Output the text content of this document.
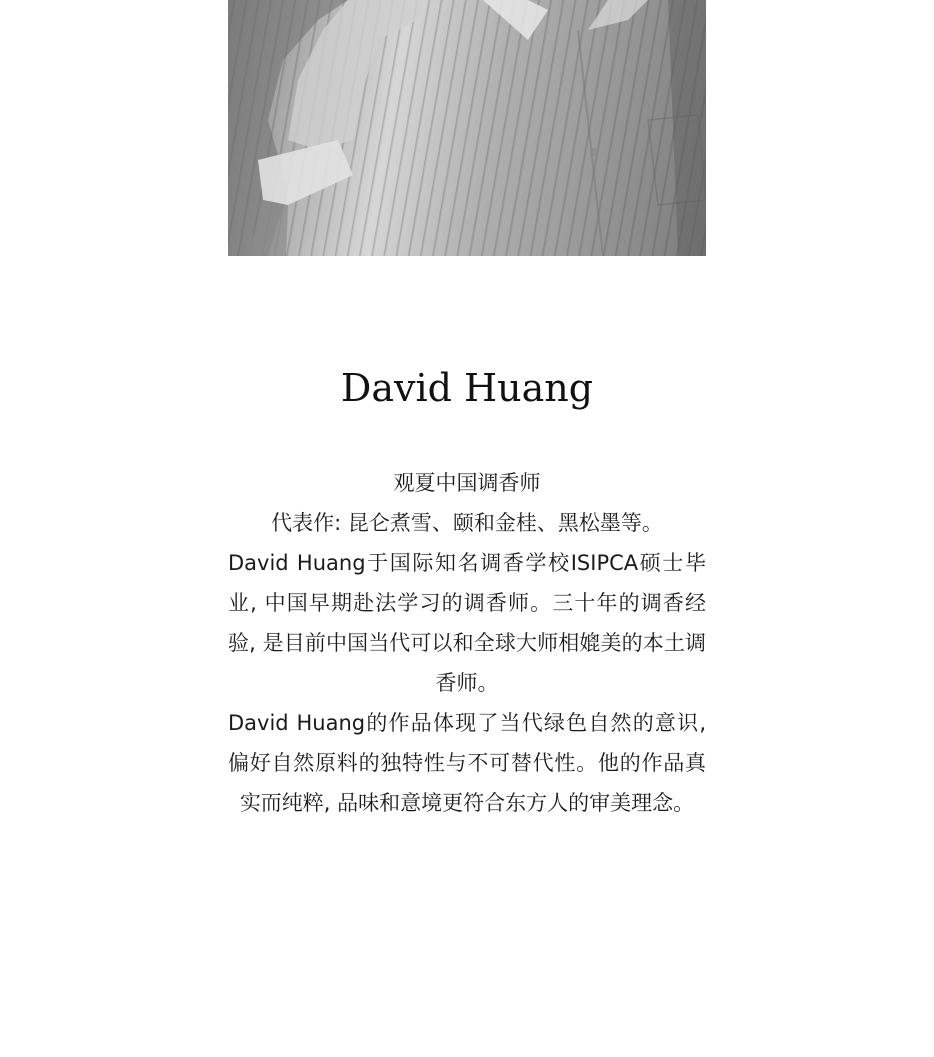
David Huang

观夏中国调香师

代表作: 昆仑煮雪、颐和金桂、黑松墨等。

David Huang于国际知名调香学校ISIPCA硕士毕业, 中国早期赴法学习的调香师。三十年的调香经验, 是目前中国当代可以和全球大师相媲美的本土调香师。

David Huang的作品体现了当代绿色自然的意识, 偏好自然原料的独特性与不可替代性。他的作品真实而纯粹, 品味和意境更符合东方人的审美理念。
